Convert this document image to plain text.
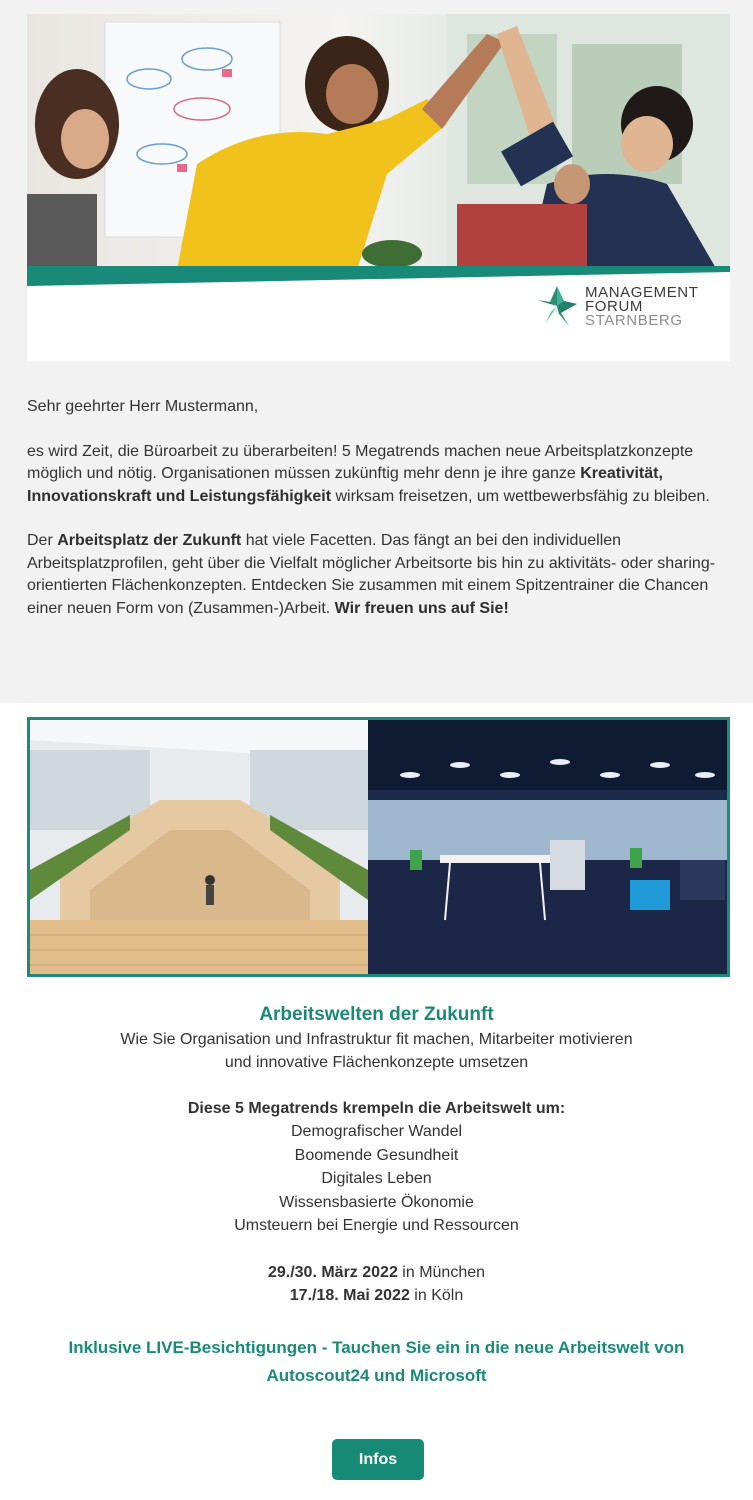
MANAGEMENT
FORUM
STARNBERG

Sehr geehrter Herr Mustermann,

es wird Zeit, die Büroarbeit zu überarbeiten! 5 Megatrends machen neue Arbeitsplatzkonzepte möglich und nötig. Organisationen müssen zukünftig mehr denn je ihre ganze Kreativität, Innovationskraft und Leistungsfähigkeit wirksam freisetzen, um wettbewerbsfähig zu bleiben.

Der Arbeitsplatz der Zukunft hat viele Facetten. Das fängt an bei den individuellen Arbeitsplatzprofilen, geht über die Vielfalt möglicher Arbeitsorte bis hin zu aktivitäts- oder sharing-orientierten Flächenkonzepten. Entdecken Sie zusammen mit einem Spitzentrainer die Chancen einer neuen Form von (Zusammen-)Arbeit. Wir freuen uns auf Sie!

Arbeitswelten der Zukunft
Wie Sie Organisation und Infrastruktur fit machen, Mitarbeiter motivieren
und innovative Flächenkonzepte umsetzen
Diese 5 Megatrends krempeln die Arbeitswelt um:
Demografischer Wandel
Boomende Gesundheit
Digitales Leben
Wissensbasierte Ökonomie
Umsteuern bei Energie und Ressourcen
29./30. März 2022 in München
17./18. Mai 2022 in Köln
Inklusive LIVE-Besichtigungen - Tauchen Sie ein in die neue Arbeitswelt von Autoscout24 und Microsoft
Infos
